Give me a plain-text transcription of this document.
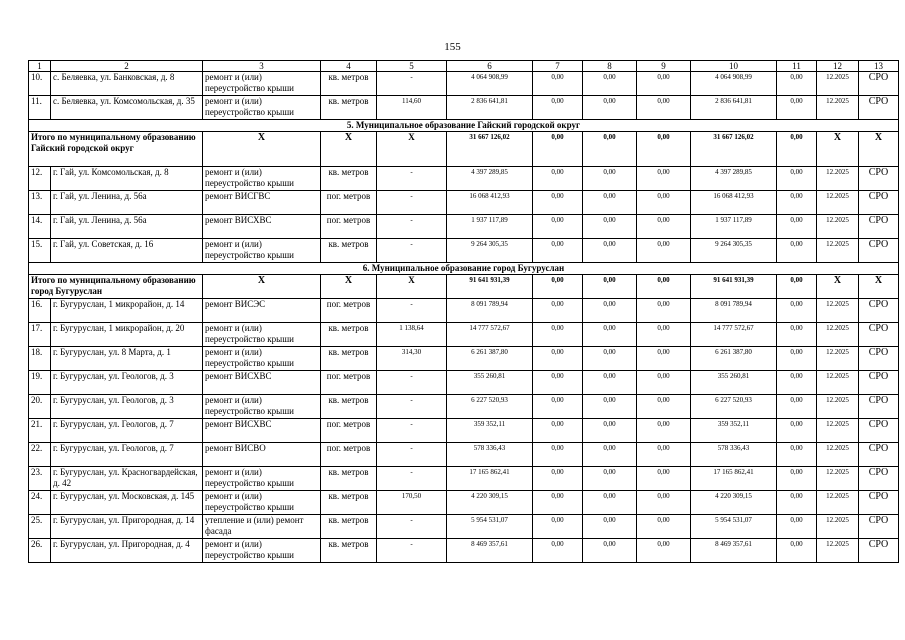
155
1	2	3	4	5	6	7	8	9	10	11	12	13
10.	с. Беляевка, ул. Банковская, д. 8	ремонт и (или) переустройство крыши	кв. метров	-	4 064 908,99	0,00	0,00	0,00	4 064 908,99	0,00	12.2025	СРО
11.	с. Беляевка, ул. Комсомольская, д. 35	ремонт и (или) переустройство крыши	кв. метров	114,60	2 836 641,81	0,00	0,00	0,00	2 836 641,81	0,00	12.2025	СРО
5. Муниципальное образование Гайский городской округ												
Итого по муниципальному образованию Гайский городской округ		Х	Х	Х	31 667 126,02	0,00	0,00	0,00	31 667 126,02	0,00	Х	Х
12.	г. Гай, ул. Комсомольская, д. 8	ремонт и (или) переустройство крыши	кв. метров	-	4 397 289,85	0,00	0,00	0,00	4 397 289,85	0,00	12.2025	СРО
13.	г. Гай, ул. Ленина, д. 56а	ремонт ВИСГВС	пог. метров	-	16 068 412,93	0,00	0,00	0,00	16 068 412,93	0,00	12.2025	СРО
14.	г. Гай, ул. Ленина, д. 56а	ремонт ВИСХВС	пог. метров	-	1 937 117,89	0,00	0,00	0,00	1 937 117,89	0,00	12.2025	СРО
15.	г. Гай, ул. Советская, д. 16	ремонт и (или) переустройство крыши	кв. метров	-	9 264 305,35	0,00	0,00	0,00	9 264 305,35	0,00	12.2025	СРО
6. Муниципальное образование город Бугуруслан												
Итого по муниципальному образованию город Бугуруслан		Х	Х	Х	91 641 931,39	0,00	0,00	0,00	91 641 931,39	0,00	Х	Х
16.	г. Бугуруслан, 1 микрорайон, д. 14	ремонт ВИСЭС	пог. метров	-	8 091 789,94	0,00	0,00	0,00	8 091 789,94	0,00	12.2025	СРО
17.	г. Бугуруслан, 1 микрорайон, д. 20	ремонт и (или) переустройство крыши	кв. метров	1 138,64	14 777 572,67	0,00	0,00	0,00	14 777 572,67	0,00	12.2025	СРО
18.	г. Бугуруслан, ул. 8 Марта, д. 1	ремонт и (или) переустройство крыши	кв. метров	314,30	6 261 387,80	0,00	0,00	0,00	6 261 387,80	0,00	12.2025	СРО
19.	г. Бугуруслан, ул. Геологов, д. 3	ремонт ВИСХВС	пог. метров	-	355 260,81	0,00	0,00	0,00	355 260,81	0,00	12.2025	СРО
20.	г. Бугуруслан, ул. Геологов, д. 3	ремонт и (или) переустройство крыши	кв. метров	-	6 227 520,93	0,00	0,00	0,00	6 227 520,93	0,00	12.2025	СРО
21.	г. Бугуруслан, ул. Геологов, д. 7	ремонт ВИСХВС	пог. метров	-	359 352,11	0,00	0,00	0,00	359 352,11	0,00	12.2025	СРО
22.	г. Бугуруслан, ул. Геологов, д. 7	ремонт ВИСВО	пог. метров	-	578 336,43	0,00	0,00	0,00	578 336,43	0,00	12.2025	СРО
23.	г. Бугуруслан, ул. Красногвардейская, д. 42	ремонт и (или) переустройство крыши	кв. метров	-	17 165 862,41	0,00	0,00	0,00	17 165 862,41	0,00	12.2025	СРО
24.	г. Бугуруслан, ул. Московская, д. 145	ремонт и (или) переустройство крыши	кв. метров	170,50	4 220 309,15	0,00	0,00	0,00	4 220 309,15	0,00	12.2025	СРО
25.	г. Бугуруслан, ул. Пригородная, д. 14	утепление и (или) ремонт фасада	кв. метров	-	5 954 531,07	0,00	0,00	0,00	5 954 531,07	0,00	12.2025	СРО
26.	г. Бугуруслан, ул. Пригородная, д. 4	ремонт и (или) переустройство крыши	кв. метров	-	8 469 357,61	0,00	0,00	0,00	8 469 357,61	0,00	12.2025	СРО
